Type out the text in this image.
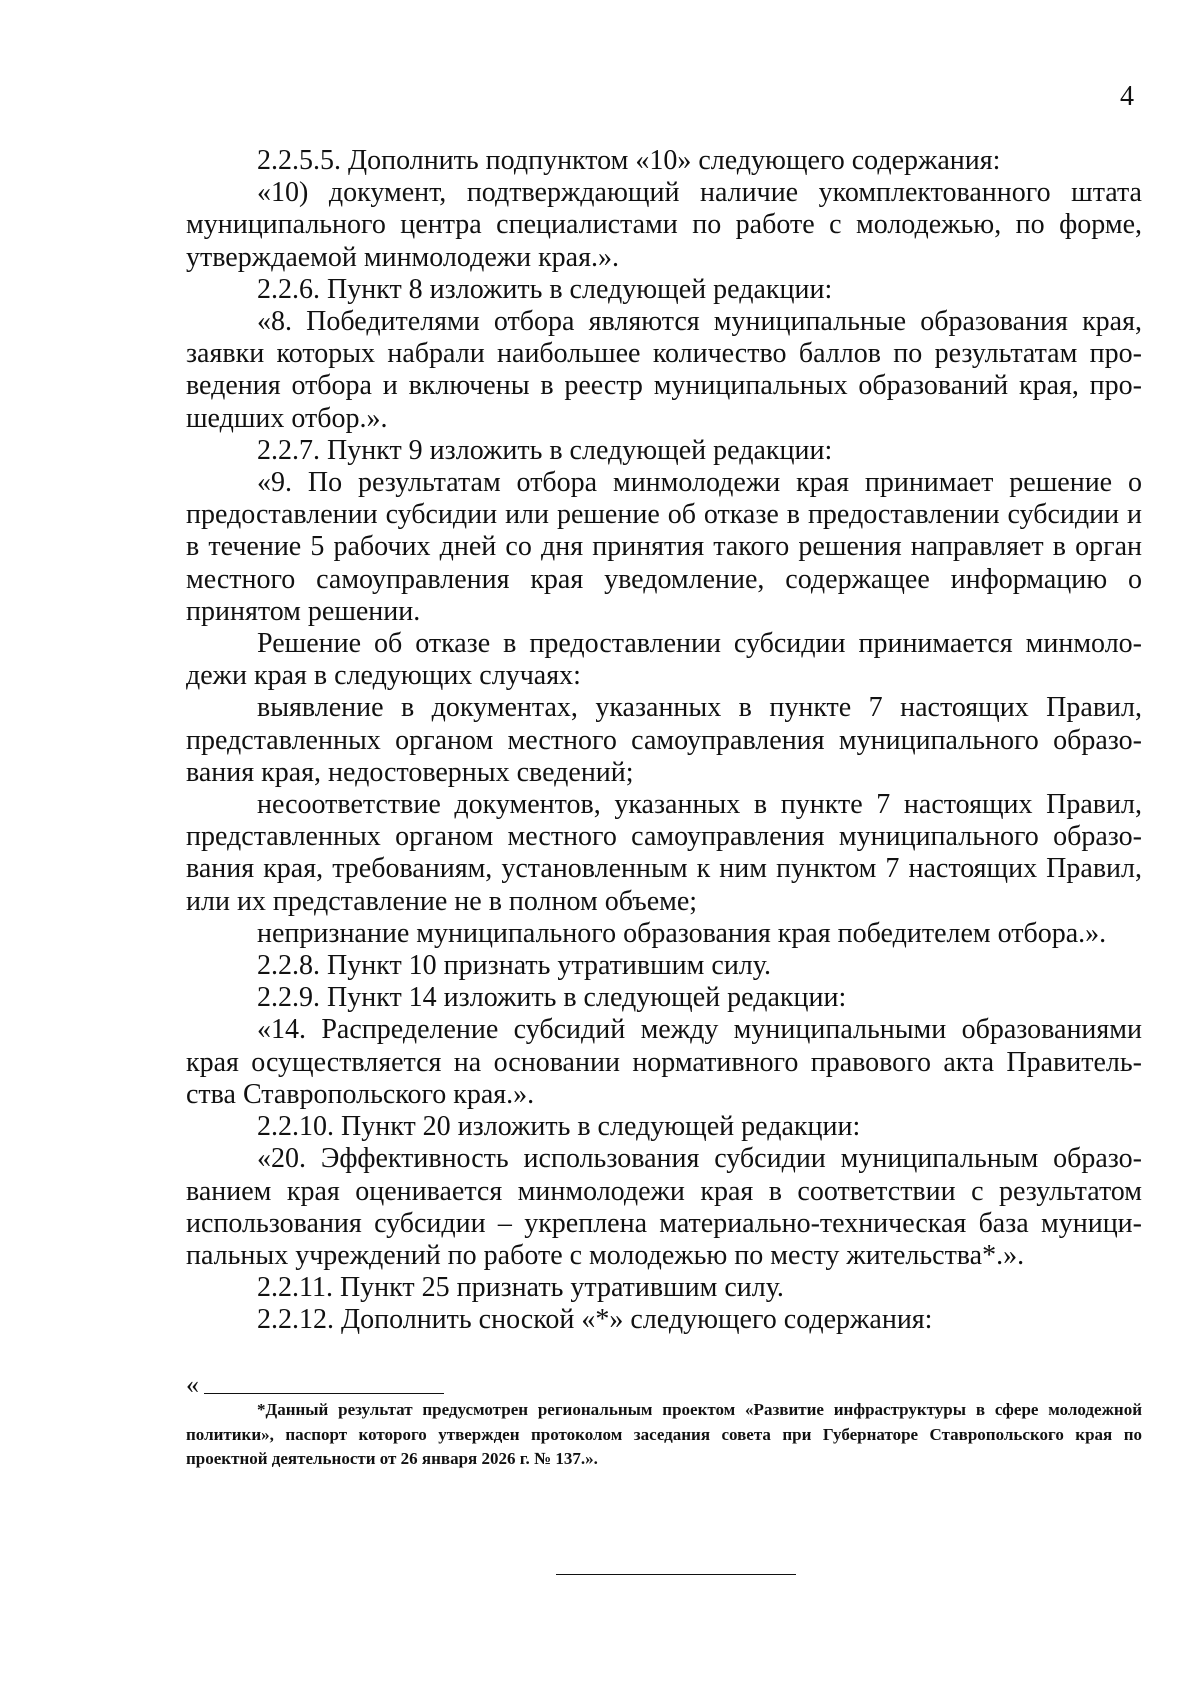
4

2.2.5.5. Дополнить подпунктом «10» следующего содержания:

«10) документ, подтверждающий наличие укомплектованного штата муниципального центра специалистами по работе с молодежью, по форме, утверждаемой минмолодежи края.».

2.2.6. Пункт 8 изложить в следующей редакции:

«8. Победителями отбора являются муниципальные образования края, заявки которых набрали наибольшее количество баллов по результатам проведения отбора и включены в реестр муниципальных образований края, прошедших отбор.».

2.2.7. Пункт 9 изложить в следующей редакции:

«9. По результатам отбора минмолодежи края принимает решение о предоставлении субсидии или решение об отказе в предоставлении субсидии и в течение 5 рабочих дней со дня принятия такого решения направляет в орган местного самоуправления края уведомление, содержащее информацию о принятом решении.

Решение об отказе в предоставлении субсидии принимается минмолодежи края в следующих случаях:

выявление в документах, указанных в пункте 7 настоящих Правил, представленных органом местного самоуправления муниципального образования края, недостоверных сведений;

несоответствие документов, указанных в пункте 7 настоящих Правил, представленных органом местного самоуправления муниципального образования края, требованиям, установленным к ним пунктом 7 настоящих Правил, или их представление не в полном объеме;

непризнание муниципального образования края победителем отбора.».

2.2.8. Пункт 10 признать утратившим силу.

2.2.9. Пункт 14 изложить в следующей редакции:

«14. Распределение субсидий между муниципальными образованиями края осуществляется на основании нормативного правового акта Правительства Ставропольского края.».

2.2.10. Пункт 20 изложить в следующей редакции:

«20. Эффективность использования субсидии муниципальным образованием края оценивается минмолодежи края в соответствии с результатом использования субсидии – укреплена материально-техническая база муниципальных учреждений по работе с молодежью по месту жительства*.».

2.2.11. Пункт 25 признать утратившим силу.

2.2.12. Дополнить сноской «*» следующего содержания:

«

*Данный результат предусмотрен региональным проектом «Развитие инфраструктуры в сфере молодежной политики», паспорт которого утвержден протоколом заседания совета при Губернаторе Ставропольского края по проектной деятельности от 26 января 2026 г. № 137.».
